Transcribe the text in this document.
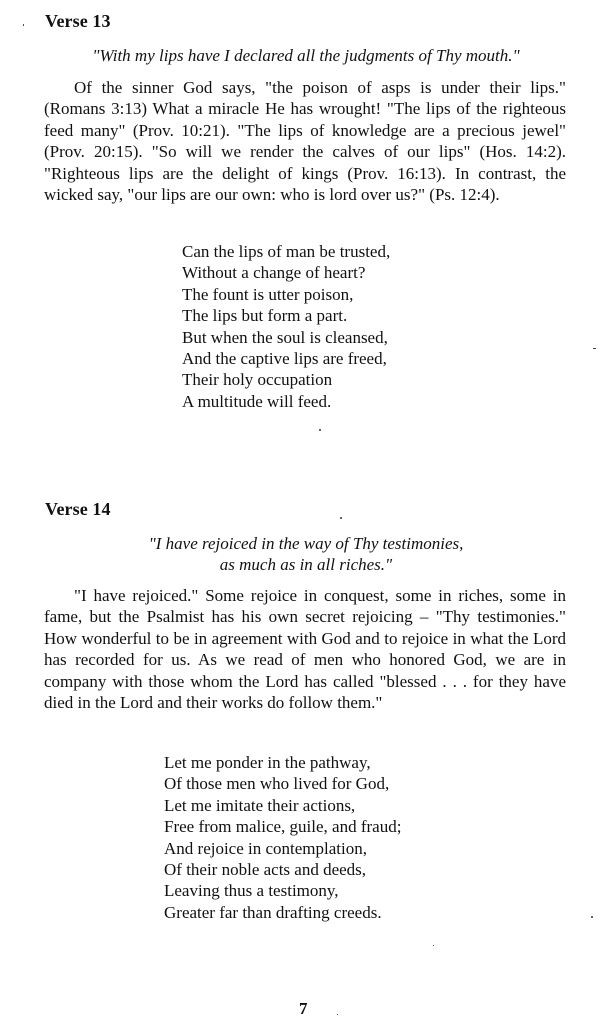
Verse 13
"With my lips have I declared all the judgments of Thy mouth."
Of the sinner God says, "the poison of asps is under their lips." (Romans 3:13) What a miracle He has wrought! "The lips of the righteous feed many" (Prov. 10:21). "The lips of knowledge are a precious jewel" (Prov. 20:15). "So will we render the calves of our lips" (Hos. 14:2). "Righteous lips are the delight of kings (Prov. 16:13). In contrast, the wicked say, "our lips are our own: who is lord over us?" (Ps. 12:4).
Can the lips of man be trusted,
Without a change of heart?
The fount is utter poison,
The lips but form a part.
But when the soul is cleansed,
And the captive lips are freed,
Their holy occupation
A multitude will feed.
Verse 14
"I have rejoiced in the way of Thy testimonies,
as much as in all riches."
"I have rejoiced." Some rejoice in conquest, some in riches, some in fame, but the Psalmist has his own secret rejoicing – "Thy testimonies." How wonderful to be in agreement with God and to rejoice in what the Lord has recorded for us. As we read of men who honored God, we are in company with those whom the Lord has called "blessed . . . for they have died in the Lord and their works do follow them."
Let me ponder in the pathway,
Of those men who lived for God,
Let me imitate their actions,
Free from malice, guile, and fraud;
And rejoice in contemplation,
Of their noble acts and deeds,
Leaving thus a testimony,
Greater far than drafting creeds.
7
